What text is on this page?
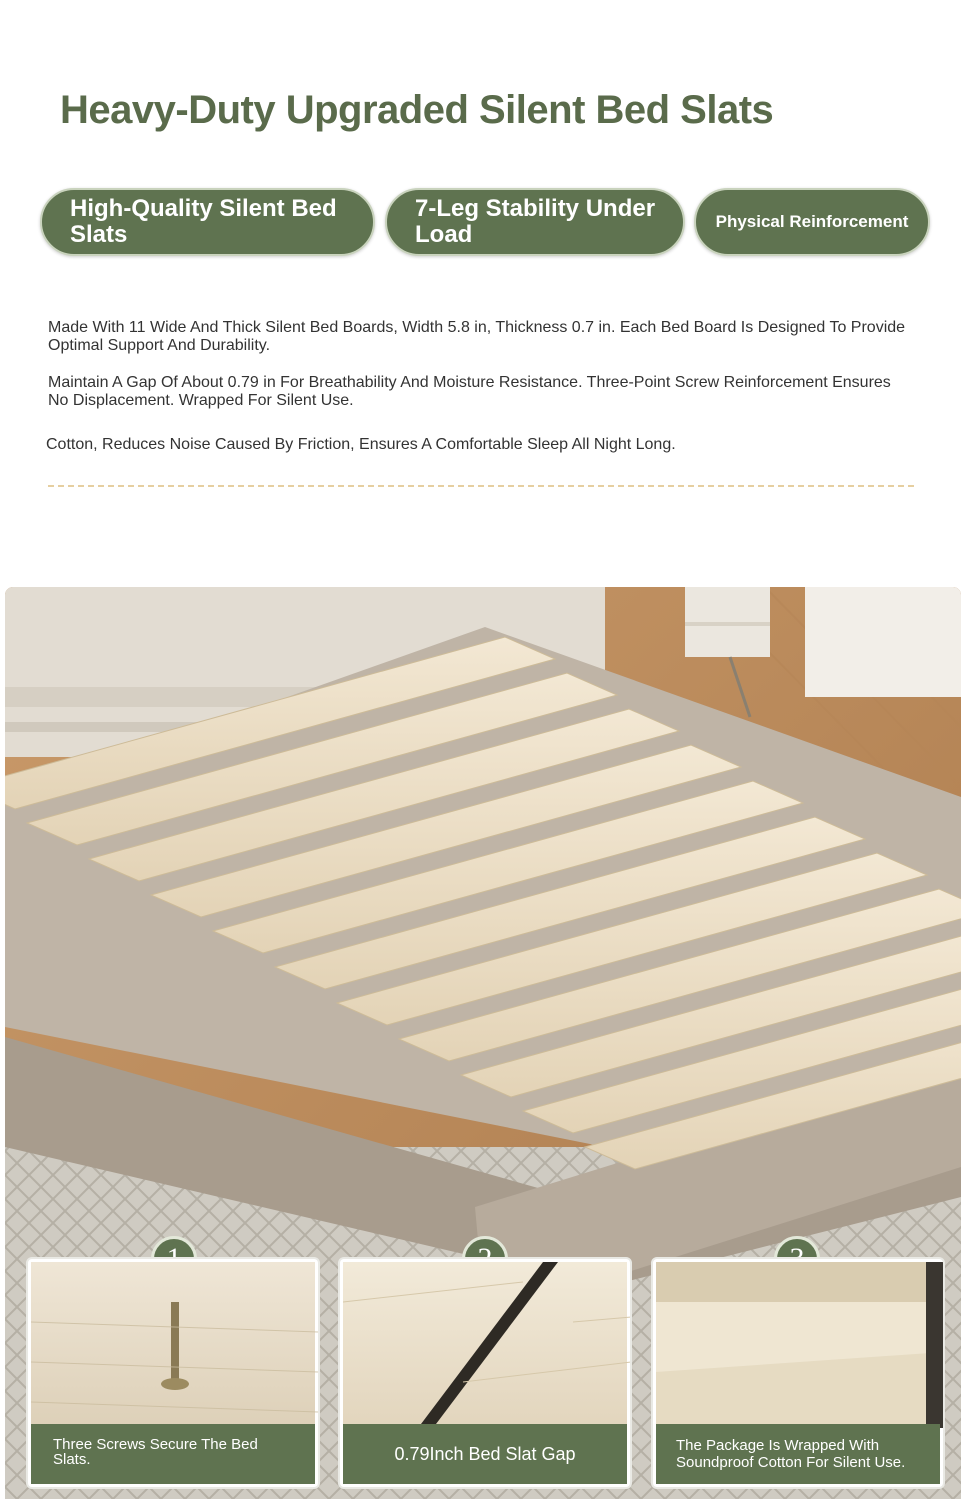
Heavy-Duty Upgraded Silent Bed Slats
High-Quality Silent Bed Slats
7-Leg Stability Under Load	Physical Reinforcement
Made With 11 Wide And Thick Silent Bed Boards, Width 5.8 in, Thickness 0.7 in. Each Bed Board Is Designed To Provide Optimal Support And Durability.
Maintain A Gap Of About 0.79 in For Breathability And Moisture Resistance. Three-Point Screw Reinforcement Ensures No Displacement. Wrapped For Silent Use.
Cotton, Reduces Noise Caused By Friction, Ensures A Comfortable Sleep All Night Long.
Three Screws Secure The Bed Slats.	0.79Inch Bed Slat Gap	The Package Is Wrapped With Soundproof Cotton For Silent Use.
